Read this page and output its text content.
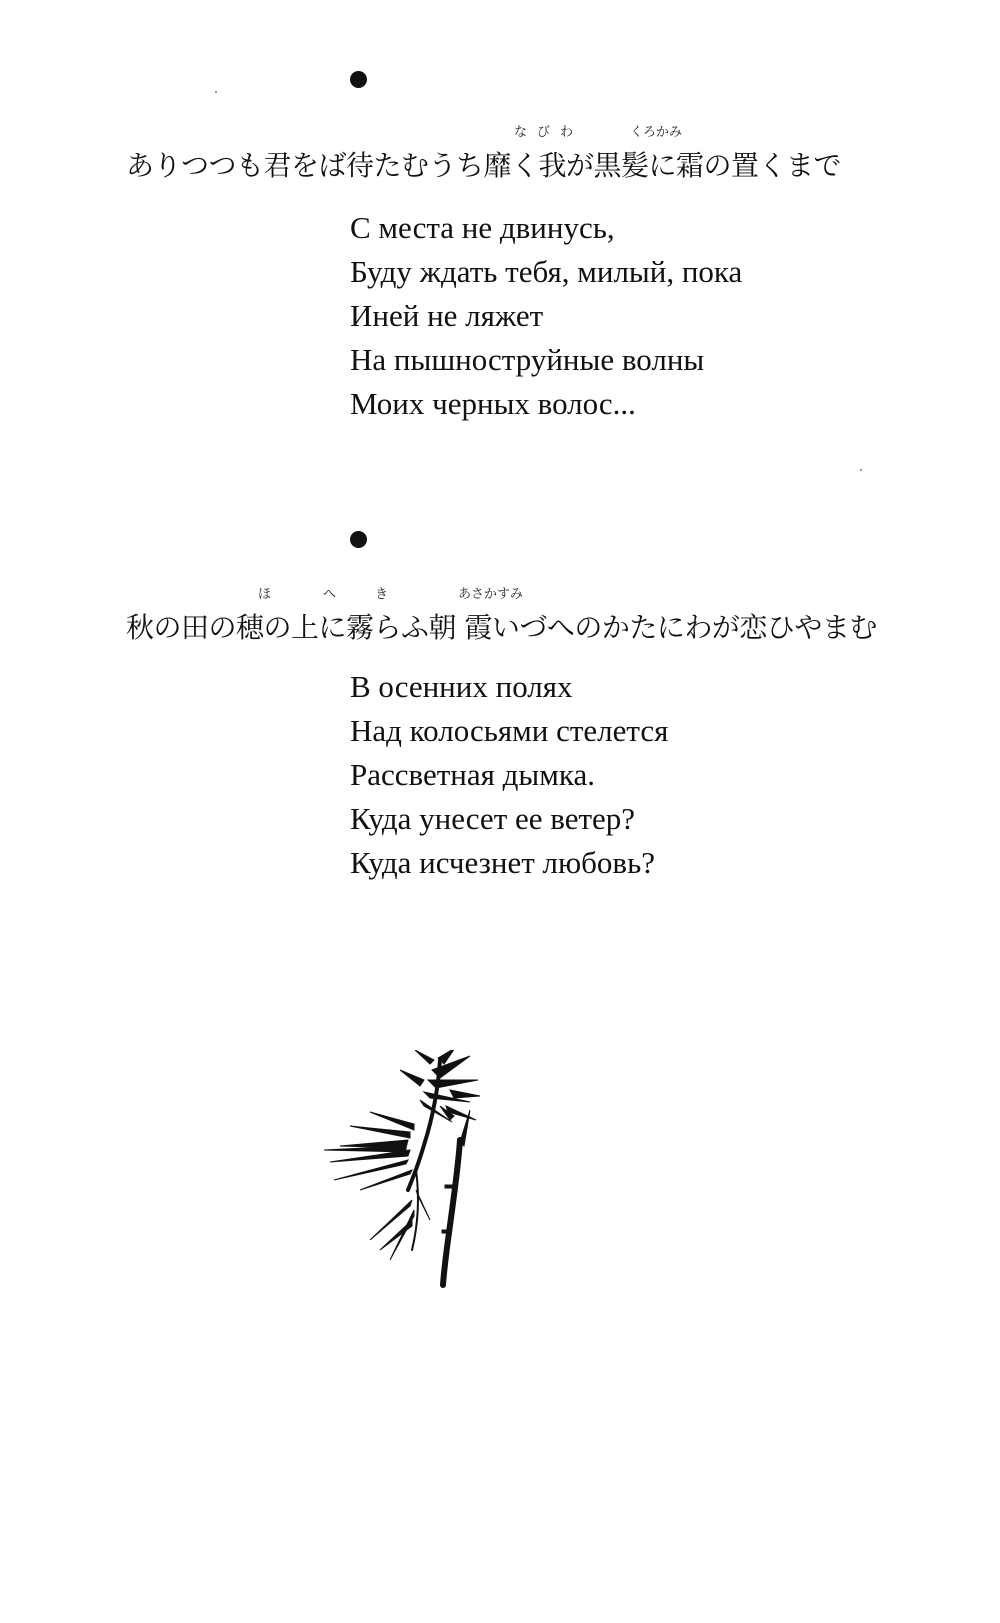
なびわ	くろかみ
ありつつも君をば待たむうち靡く我が黒髪に霜の置くまで
С места не двинусь,
Буду ждать тебя, милый, пока
Иней не ляжет
На пышноструйные волны
Моих черных волос...
ほ	へ	き	あさかすみ
秋の田の穂の上に霧らふ朝 霞いづへのかたにわが恋ひやまむ
В осенних полях
Над колосьями стелется
Рассветная дымка.
Куда унесет ее ветер?
Куда исчезнет любовь?
